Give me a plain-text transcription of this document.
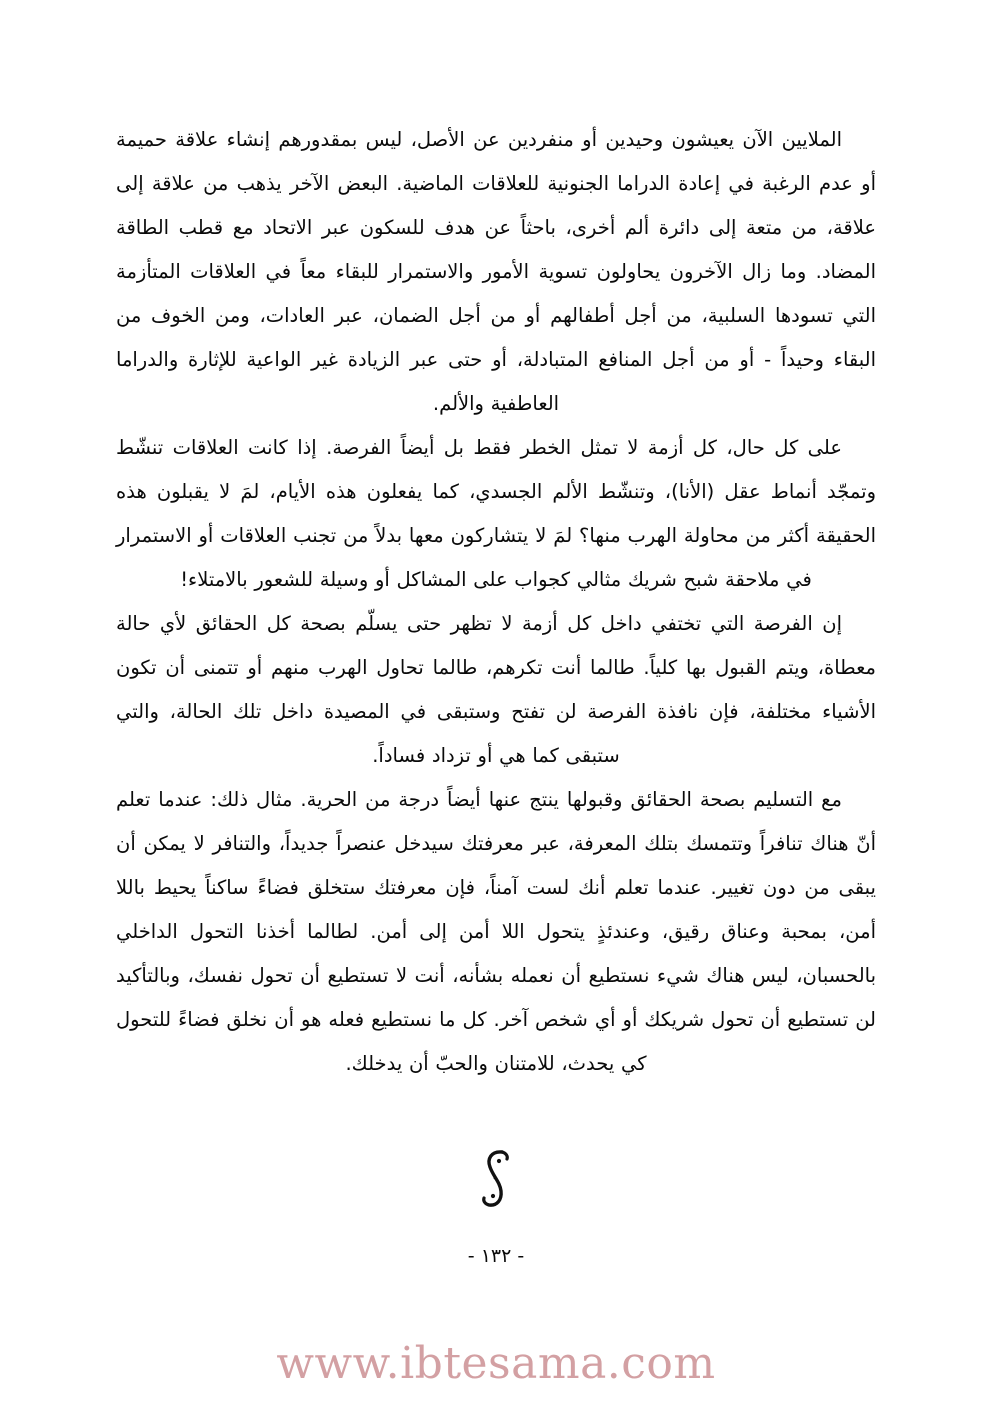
الملايين الآن يعيشون وحيدين أو منفردين عن الأصل، ليس بمقدورهم إنشاء علاقة حميمة أو عدم الرغبة في إعادة الدراما الجنونية للعلاقات الماضية. البعض الآخر يذهب من علاقة إلى علاقة، من متعة إلى دائرة ألم أخرى، باحثاً عن هدف للسكون عبر الاتحاد مع قطب الطاقة المضاد. وما زال الآخرون يحاولون تسوية الأمور والاستمرار للبقاء معاً في العلاقات المتأزمة التي تسودها السلبية، من أجل أطفالهم أو من أجل الضمان، عبر العادات، ومن الخوف من البقاء وحيداً - أو من أجل المنافع المتبادلة، أو حتى عبر الزيادة غير الواعية للإثارة والدراما العاطفية والألم.

على كل حال، كل أزمة لا تمثل الخطر فقط بل أيضاً الفرصة. إذا كانت العلاقات تنشّط وتمجّد أنماط عقل (الأنا)، وتنشّط الألم الجسدي، كما يفعلون هذه الأيام، لمَ لا يقبلون هذه الحقيقة أكثر من محاولة الهرب منها؟ لمَ لا يتشاركون معها بدلاً من تجنب العلاقات أو الاستمرار في ملاحقة شبح شريك مثالي كجواب على المشاكل أو وسيلة للشعور بالامتلاء!

إن الفرصة التي تختفي داخل كل أزمة لا تظهر حتى يسلّم بصحة كل الحقائق لأي حالة معطاة، ويتم القبول بها كلياً. طالما أنت تكرهم، طالما تحاول الهرب منهم أو تتمنى أن تكون الأشياء مختلفة، فإن نافذة الفرصة لن تفتح وستبقى في المصيدة داخل تلك الحالة، والتي ستبقى كما هي أو تزداد فساداً.

مع التسليم بصحة الحقائق وقبولها ينتج عنها أيضاً درجة من الحرية. مثال ذلك: عندما تعلم أنّ هناك تنافراً وتتمسك بتلك المعرفة، عبر معرفتك سيدخل عنصراً جديداً، والتنافر لا يمكن أن يبقى من دون تغيير. عندما تعلم أنك لست آمناً، فإن معرفتك ستخلق فضاءً ساكناً يحيط باللا أمن، بمحبة وعناق رقيق، وعندئذٍ يتحول اللا أمن إلى أمن. لطالما أخذنا التحول الداخلي بالحسبان، ليس هناك شيء نستطيع أن نعمله بشأنه، أنت لا تستطيع أن تحول نفسك، وبالتأكيد لن تستطيع أن تحول شريكك أو أي شخص آخر. كل ما نستطيع فعله هو أن نخلق فضاءً للتحول كي يحدث، للامتنان والحبّ أن يدخلك.

- ١٣٢ -
www.ibtesama.com
